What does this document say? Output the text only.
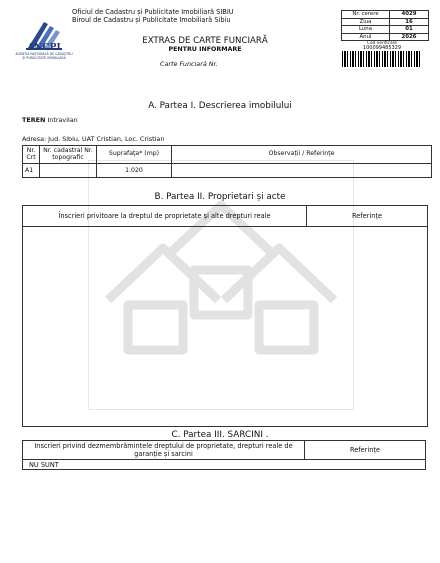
ANCPI
AGENȚIA NAȚIONALĂ DE CADASTRU ȘI PUBLICITATE IMOBILIARĂ
Oficiul de Cadastru și Publicitate Imobiliară SIBIU
Biroul de Cadastru și Publicitate Imobiliară Sibiu
EXTRAS DE CARTE FUNCIARĂ
PENTRU INFORMARE
Carte Funciară Nr.
Nr. cerere	4029
Ziua	16
Luna	01
Anul	2026
Cod verificare
100099485329
A. Partea I. Descrierea imobilului
TEREN Intravilan
Adresa: Jud. Sibiu, UAT Cristian, Loc. Cristian
Nr. Crt	Nr. cadastral Nr. topografic	Suprafața* (mp)	Observații / Referințe
A1		1.020	
B. Partea II. Proprietari și acte
Înscrieri privitoare la dreptul de proprietate și alte drepturi reale	Referințe
C. Partea III. SARCINI .
Inscrieri privind dezmembrămintele dreptului de proprietate, drepturi reale de garanție și sarcini	Referințe
NU SUNT
